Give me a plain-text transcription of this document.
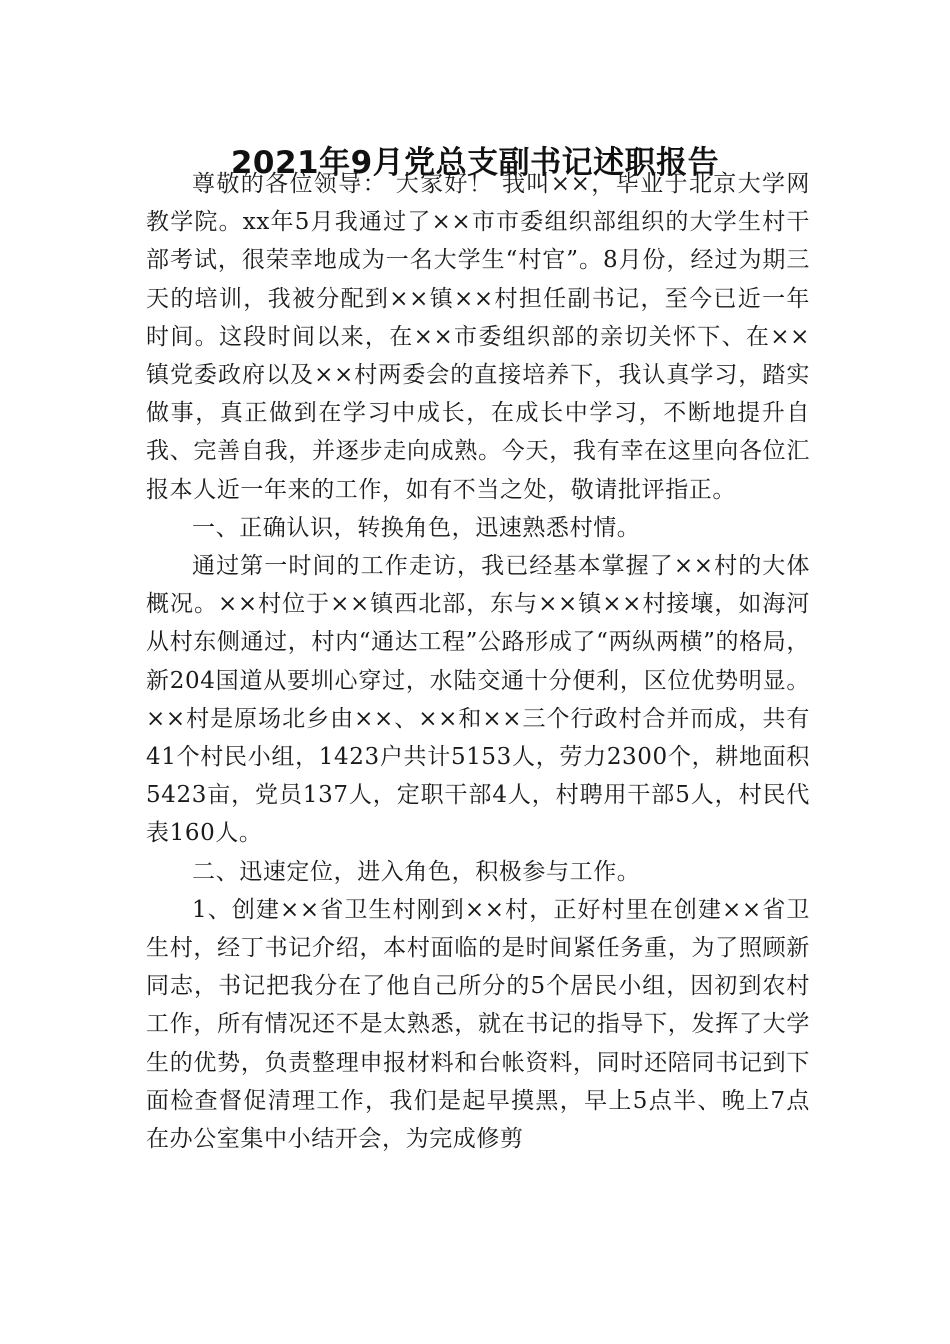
2021年9月党总支副书记述职报告

尊敬的各位领导： 大家好！ 我叫××，毕业于北京大学网教学院。xx年5月我通过了××市市委组织部组织的大学生村干部考试，很荣幸地成为一名大学生“村官”。8月份，经过为期三天的培训，我被分配到××镇××村担任副书记，至今已近一年时间。这段时间以来，在××市委组织部的亲切关怀下、在××镇党委政府以及××村两委会的直接培养下，我认真学习，踏实做事，真正做到在学习中成长，在成长中学习，不断地提升自我、完善自我，并逐步走向成熟。今天，我有幸在这里向各位汇报本人近一年来的工作，如有不当之处，敬请批评指正。

一、正确认识，转换角色，迅速熟悉村情。

通过第一时间的工作走访，我已经基本掌握了××村的大体概况。××村位于××镇西北部，东与××镇××村接壤，如海河从村东侧通过，村内“通达工程”公路形成了“两纵两横”的格局，新204国道从要圳心穿过，水陆交通十分便利，区位优势明显。××村是原场北乡由××、××和××三个行政村合并而成，共有41个村民小组，1423户共计5153人，劳力2300个，耕地面积5423亩，党员137人，定职干部4人，村聘用干部5人，村民代表160人。

二、迅速定位，进入角色，积极参与工作。

1、创建××省卫生村刚到××村，正好村里在创建××省卫生村，经丁书记介绍，本村面临的是时间紧任务重，为了照顾新同志，书记把我分在了他自己所分的5个居民小组，因初到农村工作，所有情况还不是太熟悉，就在书记的指导下，发挥了大学生的优势，负责整理申报材料和台帐资料，同时还陪同书记到下面检查督促清理工作，我们是起早摸黑，早上5点半、晚上7点在办公室集中小结开会，为完成修剪
